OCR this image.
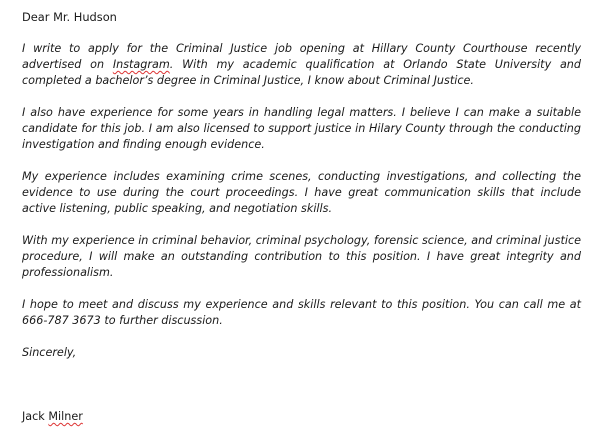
Dear Mr. Hudson

I write to apply for the Criminal Justice job opening at Hillary County Courthouse recently advertised on Instagram. With my academic qualification at Orlando State University and completed a bachelor’s degree in Criminal Justice, I know about Criminal Justice.

I also have experience for some years in handling legal matters. I believe I can make a suitable candidate for this job. I am also licensed to support justice in Hilary County through the conducting investigation and finding enough evidence.

My experience includes examining crime scenes, conducting investigations, and collecting the evidence to use during the court proceedings. I have great communication skills that include active listening, public speaking, and negotiation skills.

With my experience in criminal behavior, criminal psychology, forensic science, and criminal justice procedure, I will make an outstanding contribution to this position. I have great integrity and professionalism.

I hope to meet and discuss my experience and skills relevant to this position. You can call me at 666-787 3673 to further discussion.

Sincerely,

Jack Milner
